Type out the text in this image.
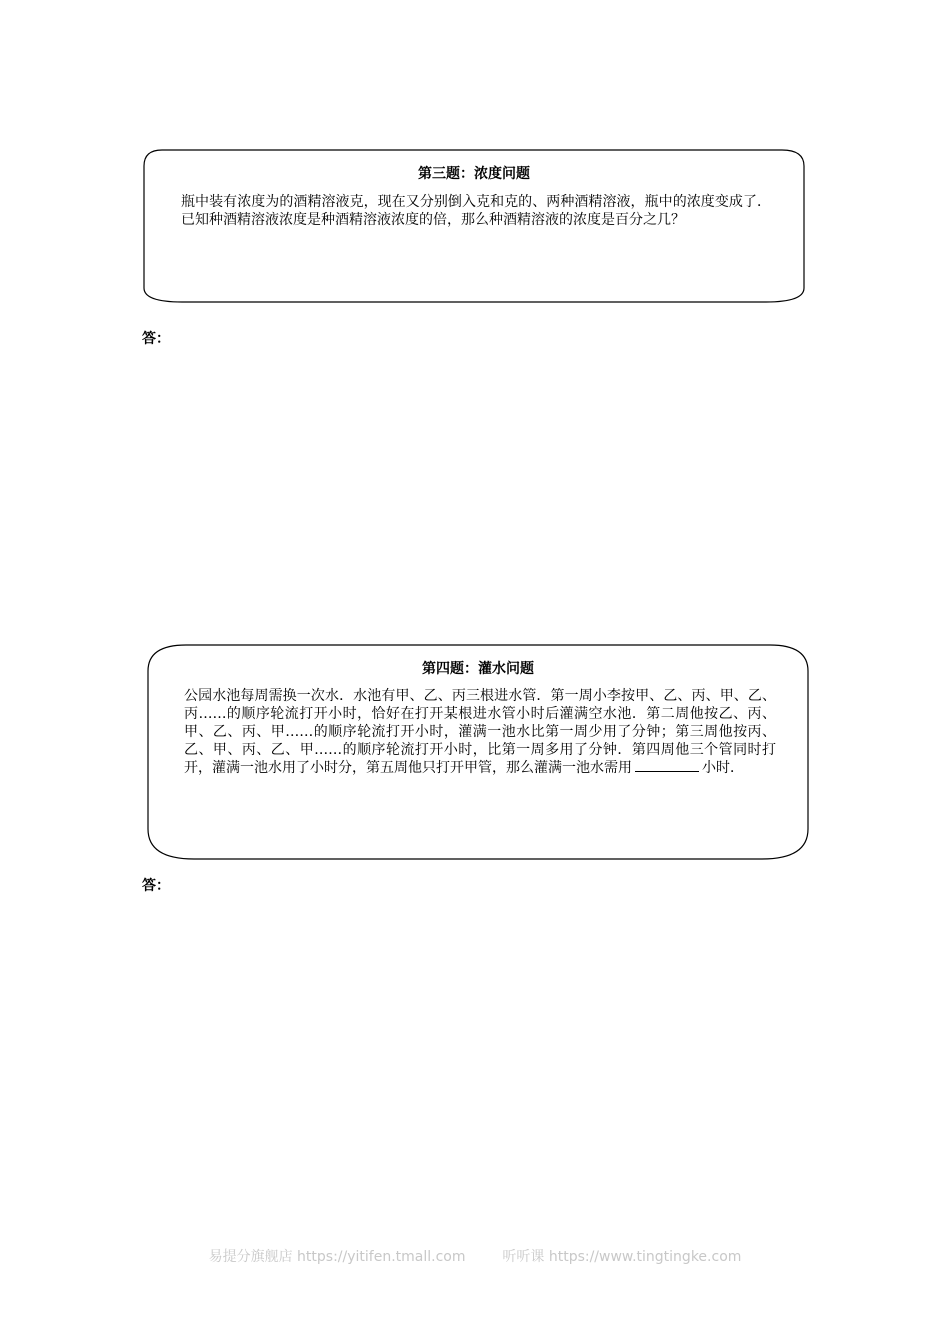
第三题：浓度问题
瓶中装有浓度为的酒精溶液克，现在又分别倒入克和克的、两种酒精溶液，瓶中的浓度变成了．已知种酒精溶液浓度是种酒精溶液浓度的倍，那么种酒精溶液的浓度是百分之几？
答：
第四题：灌水问题
公园水池每周需换一次水．水池有甲、乙、丙三根进水管．第一周小李按甲、乙、丙、甲、乙、丙……的顺序轮流打开小时，恰好在打开某根进水管小时后灌满空水池．第二周他按乙、丙、甲、乙、丙、甲……的顺序轮流打开小时，灌满一池水比第一周少用了分钟；第三周他按丙、乙、甲、丙、乙、甲……的顺序轮流打开小时，比第一周多用了分钟．第四周他三个管同时打开，灌满一池水用了小时分，第五周他只打开甲管，那么灌满一池水需用	小时．
答：
易提分旗舰店 https://yitifen.tmall.com	听听课 https://www.tingtingke.com
